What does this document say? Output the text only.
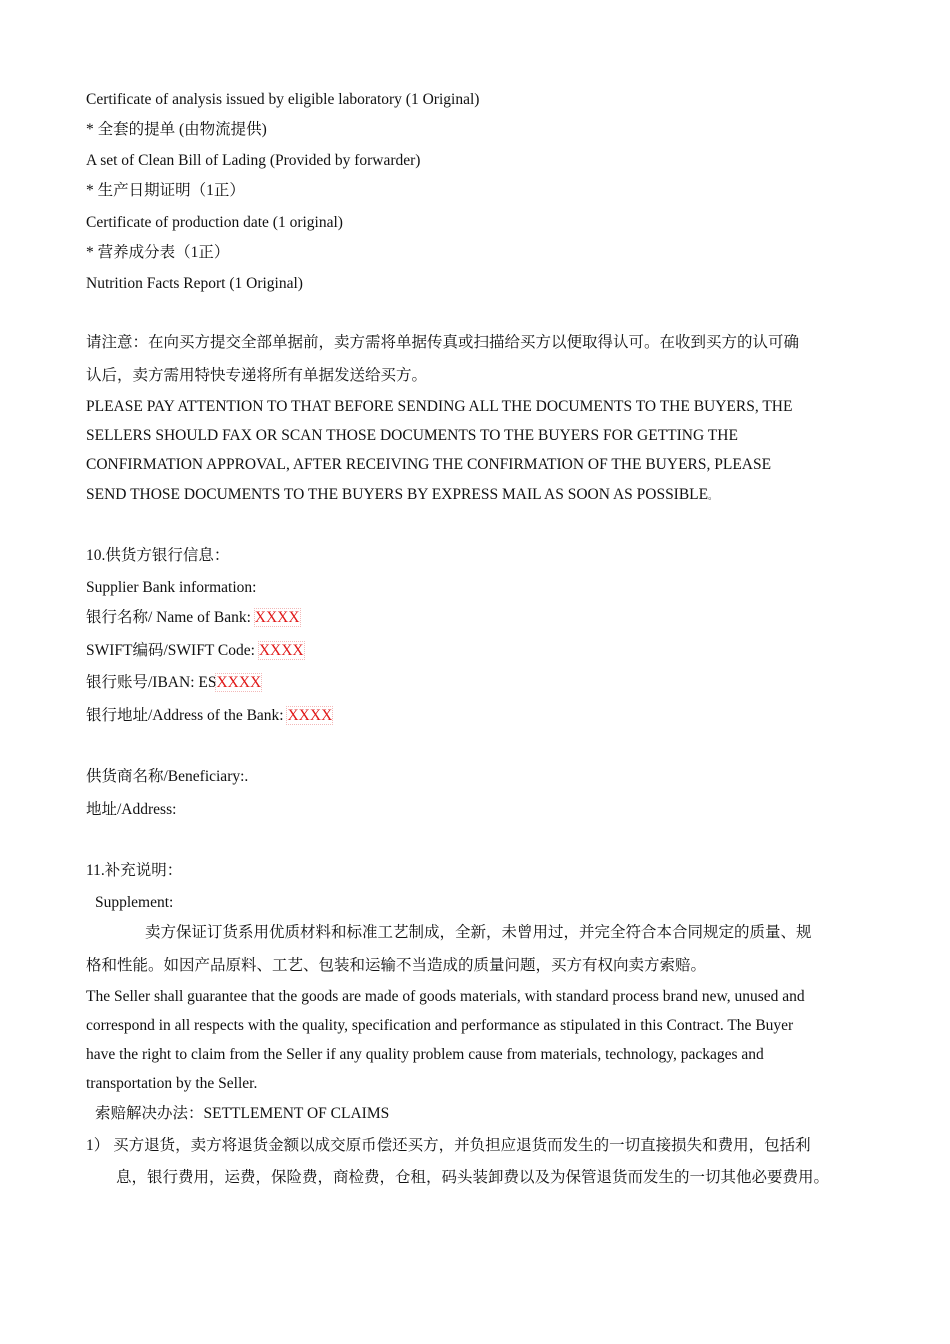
Certificate of analysis issued by eligible laboratory (1 Original)
* 全套的提单 (由物流提供)
A set of Clean Bill of Lading (Provided by forwarder)
* 生产日期证明（1正）
Certificate of production date (1 original)
* 营养成分表（1正）
Nutrition Facts Report (1 Original)
请注意：在向买方提交全部单据前，卖方需将单据传真或扫描给买方以便取得认可。在收到买方的认可确
认后，卖方需用特快专递将所有单据发送给买方。
PLEASE PAY ATTENTION TO THAT BEFORE SENDING ALL THE DOCUMENTS TO THE BUYERS, THE
SELLERS SHOULD FAX OR SCAN THOSE DOCUMENTS TO THE BUYERS FOR GETTING THE
CONFIRMATION APPROVAL, AFTER RECEIVING THE CONFIRMATION OF THE BUYERS, PLEASE
SEND THOSE DOCUMENTS TO THE BUYERS BY EXPRESS MAIL AS SOON AS POSSIBLE。
10.供货方银行信息：
Supplier Bank information:
银行名称/ Name of Bank: XXXX
SWIFT编码/SWIFT Code: XXXX
银行账号/IBAN: ESXXXX
银行地址/Address of the Bank: XXXX
供货商名称/Beneficiary:.
地址/Address:
11.补充说明：
Supplement:
卖方保证订货系用优质材料和标准工艺制成，全新，未曾用过，并完全符合本合同规定的质量、规
格和性能。如因产品原料、工艺、包装和运输不当造成的质量问题，买方有权向卖方索赔。
The Seller shall guarantee that the goods are made of goods materials, with standard process brand new, unused and
correspond in all respects with the quality, specification and performance as stipulated in this Contract. The Buyer
have the right to claim from the Seller if any quality problem cause from materials, technology, packages and
transportation by the Seller.
索赔解决办法：SETTLEMENT OF CLAIMS
1） 买方退货，卖方将退货金额以成交原币偿还买方，并负担应退货而发生的一切直接损失和费用，包括利
息，银行费用，运费，保险费，商检费，仓租，码头装卸费以及为保管退货而发生的一切其他必要费用。
